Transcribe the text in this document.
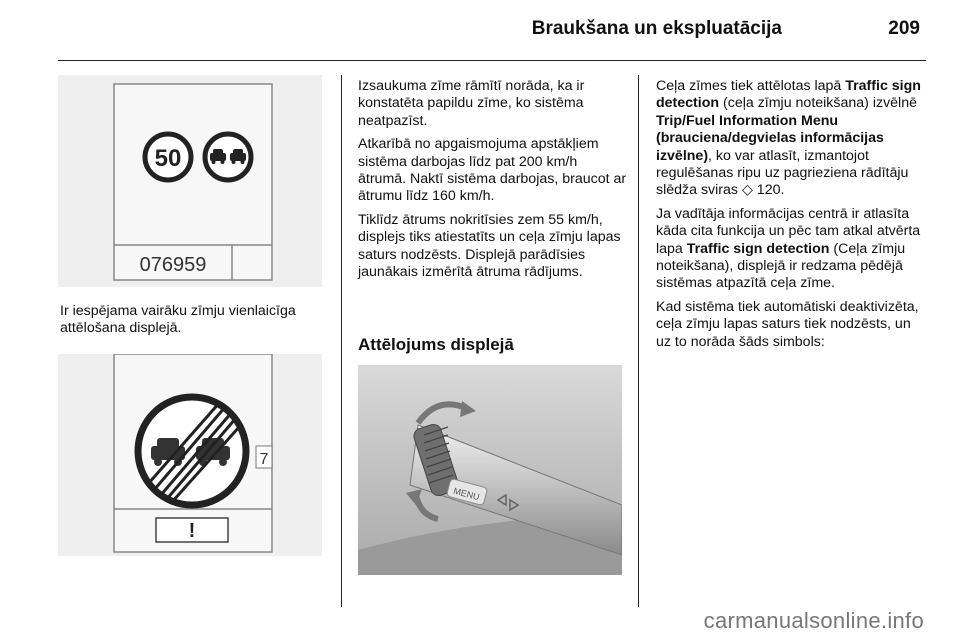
Braukšana un ekspluatācija	209
50
076959
Ir iespējama vairāku zīmju vienlaicīga attēlošana displejā.
7
!

Izsaukuma zīme rāmītī norāda, ka ir konstatēta papildu zīme, ko sistēma neatpazīst.

Atkarībā no apgaismojuma apstākļiem sistēma darbojas līdz pat 200 km/h ātrumā. Naktī sistēma darbojas, braucot ar ātrumu līdz 160 km/h.

Tiklīdz ātrums nokritīsies zem 55 km/h, displejs tiks atiestatīts un ceļa zīmju lapas saturs nodzēsts. Displejā parādīsies jaunākais izmērītā ātruma rādījums.

Attēlojums displejā
MENU

Ceļa zīmes tiek attēlotas lapā Traffic sign detection (ceļa zīmju noteikšana) izvēlnē Trip/Fuel Information Menu (brauciena/degvielas informācijas izvēlne), ko var atlasīt, izmantojot regulēšanas ripu uz pagrieziena rādītāju slēdža sviras ◇ 120.

Ja vadītāja informācijas centrā ir atlasīta kāda cita funkcija un pēc tam atkal atvērta lapa Traffic sign detection (Ceļa zīmju noteikšana), displejā ir redzama pēdējā sistēmas atpazītā ceļa zīme.

Kad sistēma tiek automātiski deaktivizēta, ceļa zīmju lapas saturs tiek nodzēsts, un uz to norāda šāds simbols:

carmanualsonline.info
